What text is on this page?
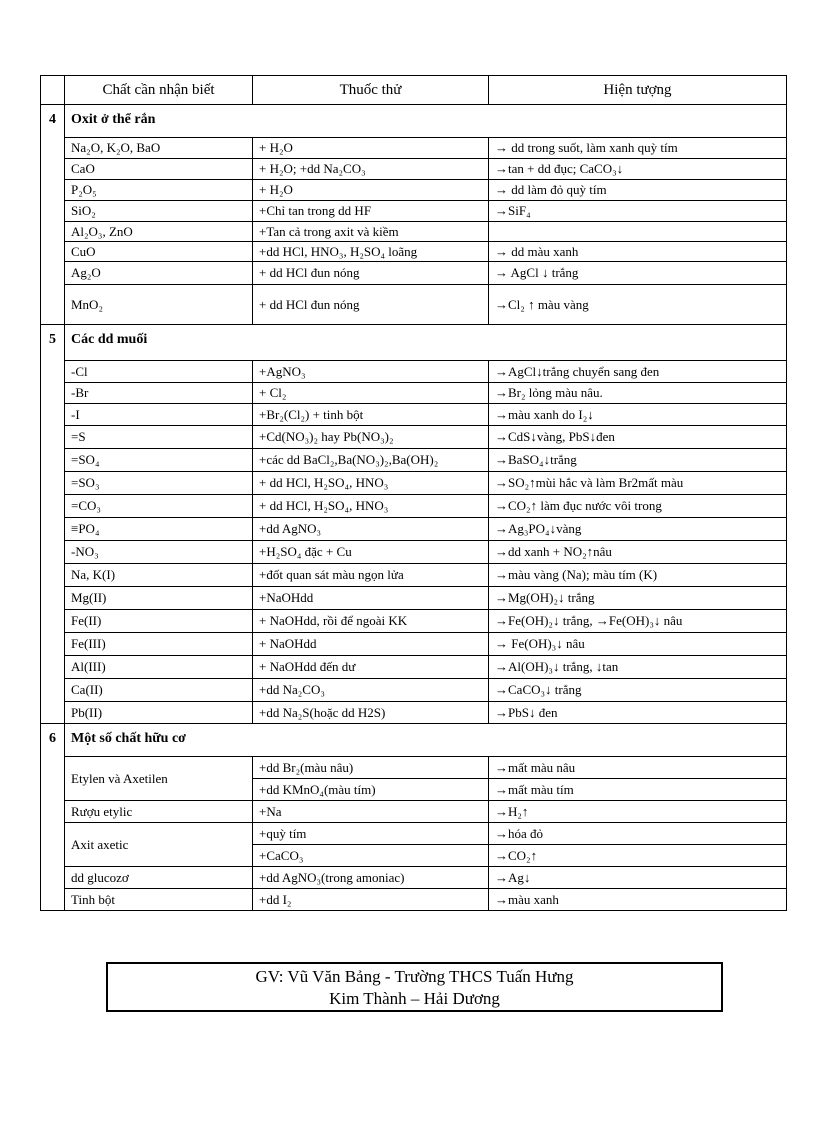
	Chất cần nhận biết	Thuốc thử	Hiện tượng
4	Oxit ở thể rắn		
	Na₂O, K₂O, BaO	+ H₂O	→ dd trong suốt, làm xanh quỳ tím
	CaO	+ H₂O; +dd Na₂CO₃	→tan + dd đục; CaCO₃↓
	P₂O₅	+ H₂O	→ dd làm đỏ quỳ tím
	SiO₂	+Chỉ tan trong dd HF	→SiF₄
	Al₂O₃, ZnO	+Tan cả trong axit và kiềm	
	CuO	+dd HCl, HNO₃, H₂SO₄ loãng	→ dd màu xanh
	Ag₂O	+ dd HCl đun nóng	→ AgCl ↓ trắng
	MnO₂	+ dd HCl đun nóng	→Cl₂ ↑ màu vàng
5	Các dd muối		
	-Cl	+AgNO₃	→AgCl↓trắng chuyển sang đen
	-Br	+ Cl₂	→Br₂ lỏng màu nâu.
	-I	+Br₂(Cl₂) + tinh bột	→màu xanh do I₂↓
	=S	+Cd(NO₃)₂ hay Pb(NO₃)₂	→CdS↓vàng, PbS↓đen
	=SO₄	+các dd BaCl₂,Ba(NO₃)₂,Ba(OH)₂	→BaSO₄↓trắng
	=SO₃	+ dd HCl, H₂SO₄, HNO₃	→SO₂↑mùi hắc và làm Br2mất màu
	=CO₃	+ dd HCl, H₂SO₄, HNO₃	→CO₂↑ làm đục nước vôi trong
	≡PO₄	+dd AgNO₃	→Ag₃PO₄↓vàng
	-NO₃	+H₂SO₄ đặc + Cu	→dd xanh + NO₂↑nâu
	Na, K(I)	+đốt quan sát màu ngọn lửa	→màu vàng (Na); màu tím (K)
	Mg(II)	+NaOHdd	→Mg(OH)₂↓ trắng
	Fe(II)	+ NaOHdd, rồi để ngoài KK	→Fe(OH)₂↓ trắng, →Fe(OH)₃↓ nâu
	Fe(III)	+ NaOHdd	→ Fe(OH)₃↓ nâu
	Al(III)	+ NaOHdd đến dư	→Al(OH)₃↓ trắng, ↓tan
	Ca(II)	+dd Na₂CO₃	→CaCO₃↓ trắng
	Pb(II)	+dd Na₂S(hoặc dd H2S)	→PbS↓ đen
6	Một số chất hữu cơ		
	Etylen và Axetilen	+dd Br₂(màu nâu)	→mất màu nâu
		+dd KMnO₄(màu tím)	→mất màu tím
	Rượu etylic	+Na	→H₂↑
	Axit axetic	+quỳ tím	→hóa đỏ
		+CaCO₃	→CO₂↑
	dd glucozơ	+dd AgNO₃(trong amoniac)	→Ag↓
	Tinh bột	+dd I₂	→màu xanh
GV: Vũ Văn Bảng - Trường THCS Tuấn Hưng
Kim Thành – Hải Dương
